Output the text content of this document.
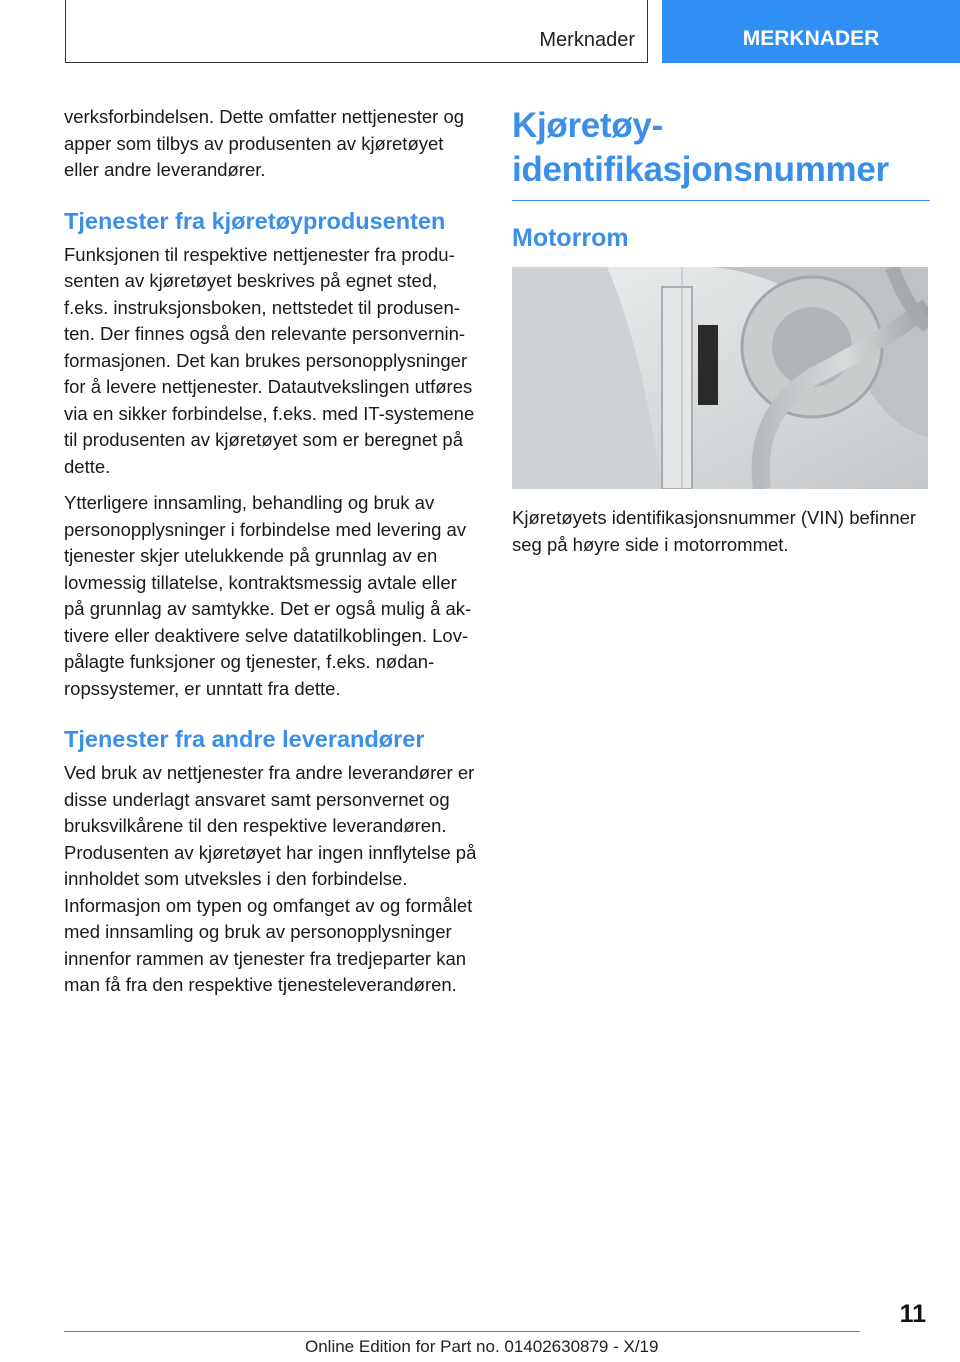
Merknader	MERKNADER

verksforbindelsen. Dette omfatter nettjenester og apper som tilbys av produsenten av kjøretøyet eller andre leverandører.

Tjenester fra kjøretøyprodusenten

Funksjonen til respektive nettjenester fra produsenten av kjøretøyet beskrives på egnet sted, f.eks. instruksjonsboken, nettstedet til produsenten. Der finnes også den relevante personverninformasjonen. Det kan brukes personopplysninger for å levere nettjenester. Datautvekslingen utføres via en sikker forbindelse, f.eks. med IT-systemene til produsenten av kjøretøyet som er beregnet på dette.

Ytterligere innsamling, behandling og bruk av personopplysninger i forbindelse med levering av tjenester skjer utelukkende på grunnlag av en lovmessig tillatelse, kontraktsmessig avtale eller på grunnlag av samtykke. Det er også mulig å aktivere eller deaktivere selve datatilkoblingen. Lovpålagte funksjoner og tjenester, f.eks. nødanropssystemer, er unntatt fra dette.

Tjenester fra andre leverandører

Ved bruk av nettjenester fra andre leverandører er disse underlagt ansvaret samt personvernet og bruksvilkårene til den respektive leverandøren. Produsenten av kjøretøyet har ingen innflytelse på innholdet som utveksles i den forbindelse. Informasjon om typen og omfanget av og formålet med innsamling og bruk av personopplysninger innenfor rammen av tjenester fra tredjeparter kan man få fra den respektive tjenesteleverandøren.

Kjøretøy-
identifikasjonsnummer
Motorrom

Kjøretøyets identifikasjonsnummer (VIN) befinner seg på høyre side i motorrommet.

11
Online Edition for Part no. 01402630879 - X/19
